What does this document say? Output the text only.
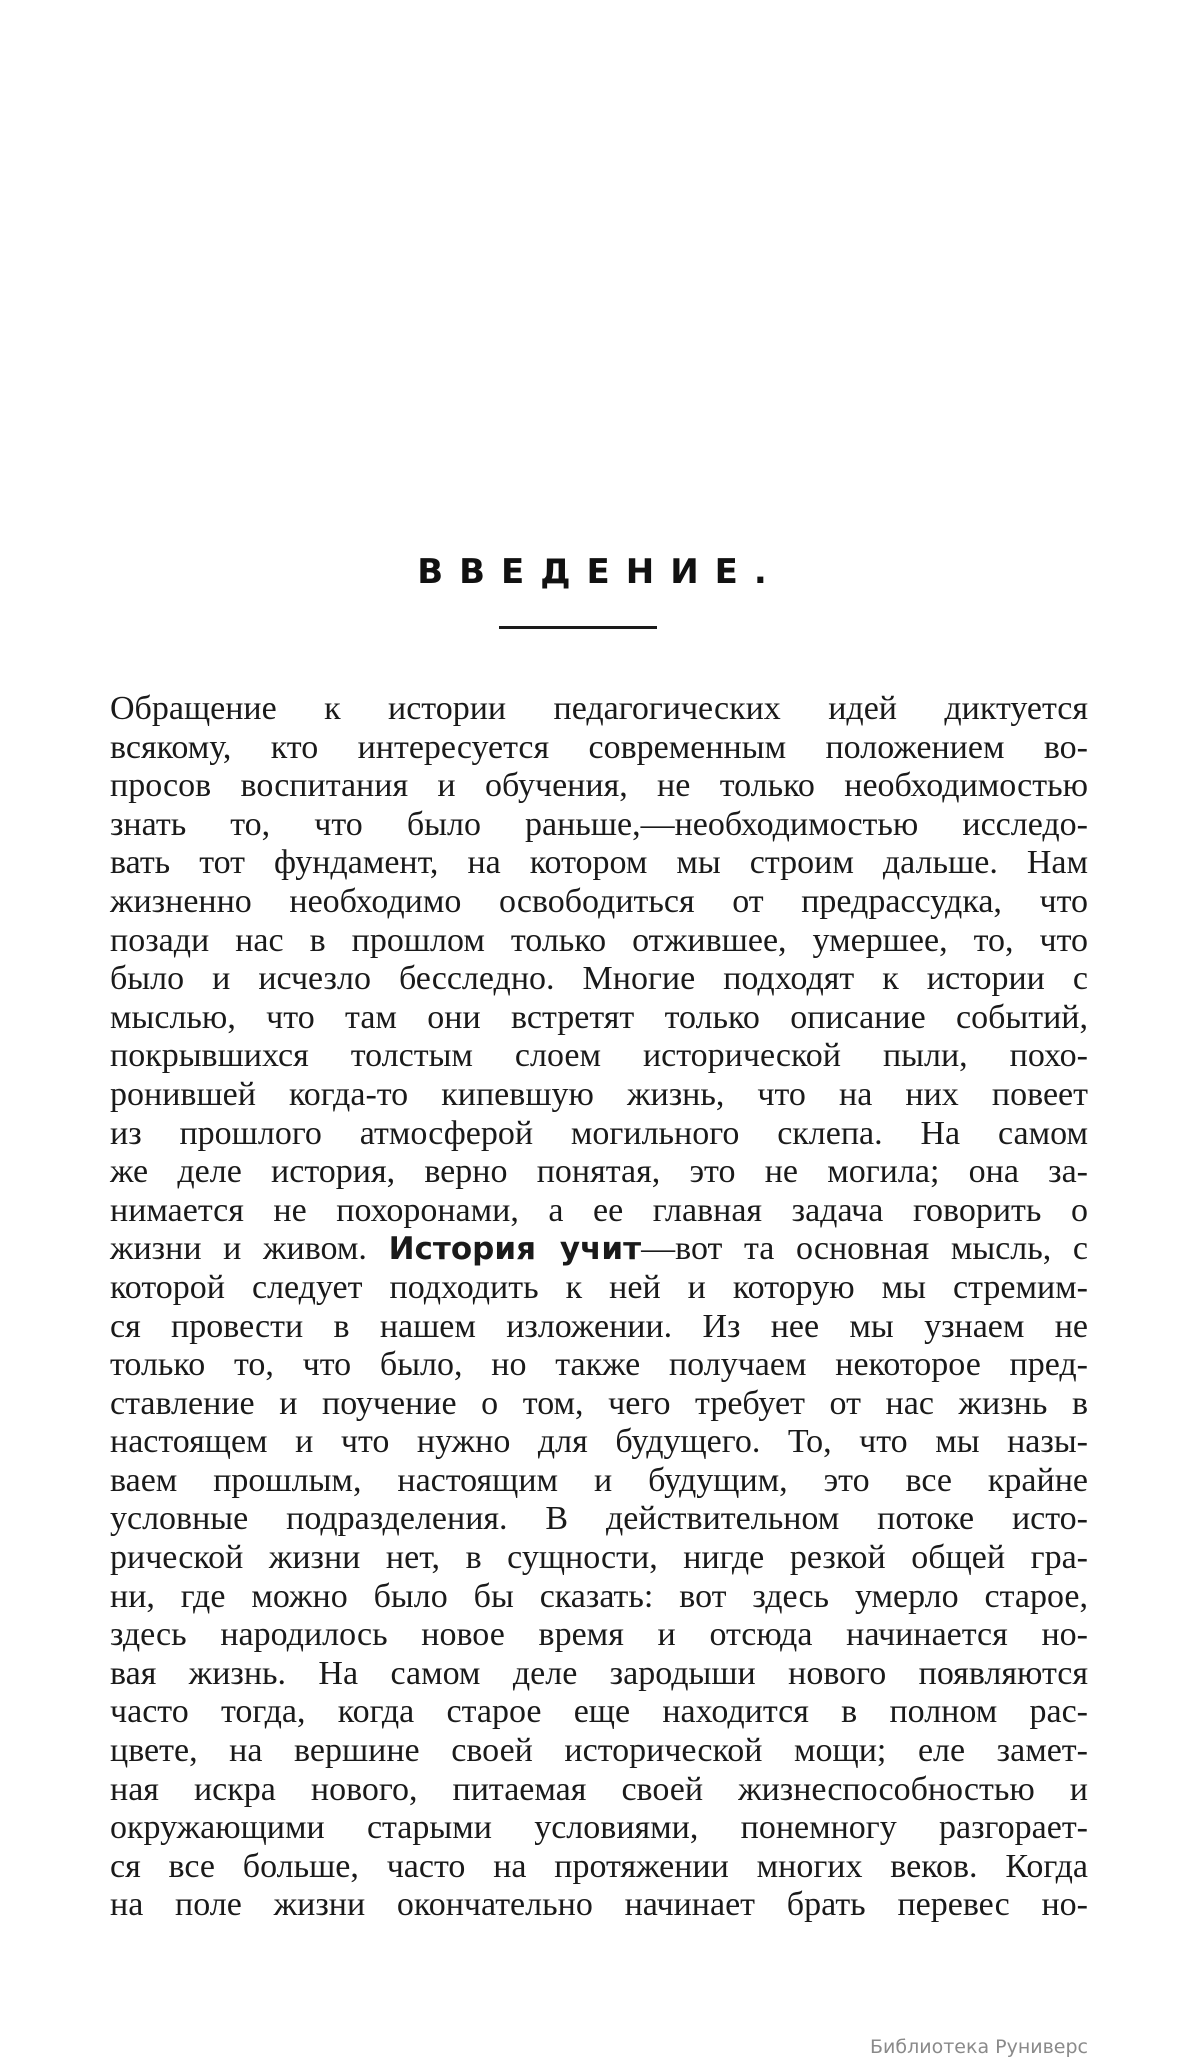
ВВЕДЕНИЕ.
Обращение к истории педагогических идей диктуется
всякому, кто интересуется современным положением во-
просов воспитания и обучения, не только необходимостью
знать то, что было раньше,—необходимостью исследо-
вать тот фундамент, на котором мы строим дальше. Нам
жизненно необходимо освободиться от предрассудка, что
позади нас в прошлом только отжившее, умершее, то, что
было и исчезло бесследно. Многие подходят к истории с
мыслью, что там они встретят только описание событий,
покрывшихся толстым слоем исторической пыли, похо-
ронившей когда-то кипевшую жизнь, что на них повеет
из прошлого атмосферой могильного склепа. На самом
же деле история, верно понятая, это не могила; она за-
нимается не похоронами, а ее главная задача говорить о
жизни и живом. История учит—вот та основная мысль, с
которой следует подходить к ней и которую мы стремим-
ся провести в нашем изложении. Из нее мы узнаем не
только то, что было, но также получаем некоторое пред-
ставление и поучение о том, чего требует от нас жизнь в
настоящем и что нужно для будущего. То, что мы назы-
ваем прошлым, настоящим и будущим, это все крайне
условные подразделения. В действительном потоке исто-
рической жизни нет, в сущности, нигде резкой общей гра-
ни, где можно было бы сказать: вот здесь умерло старое,
здесь народилось новое время и отсюда начинается но-
вая жизнь. На самом деле зародыши нового появляются
часто тогда, когда старое еще находится в полном рас-
цвете, на вершине своей исторической мощи; еле замет-
ная искра нового, питаемая своей жизнеспособностью и
окружающими старыми условиями, понемногу разгорает-
ся все больше, часто на протяжении многих веков. Когда
на поле жизни окончательно начинает брать перевес но-
Библиотека Руниверс
